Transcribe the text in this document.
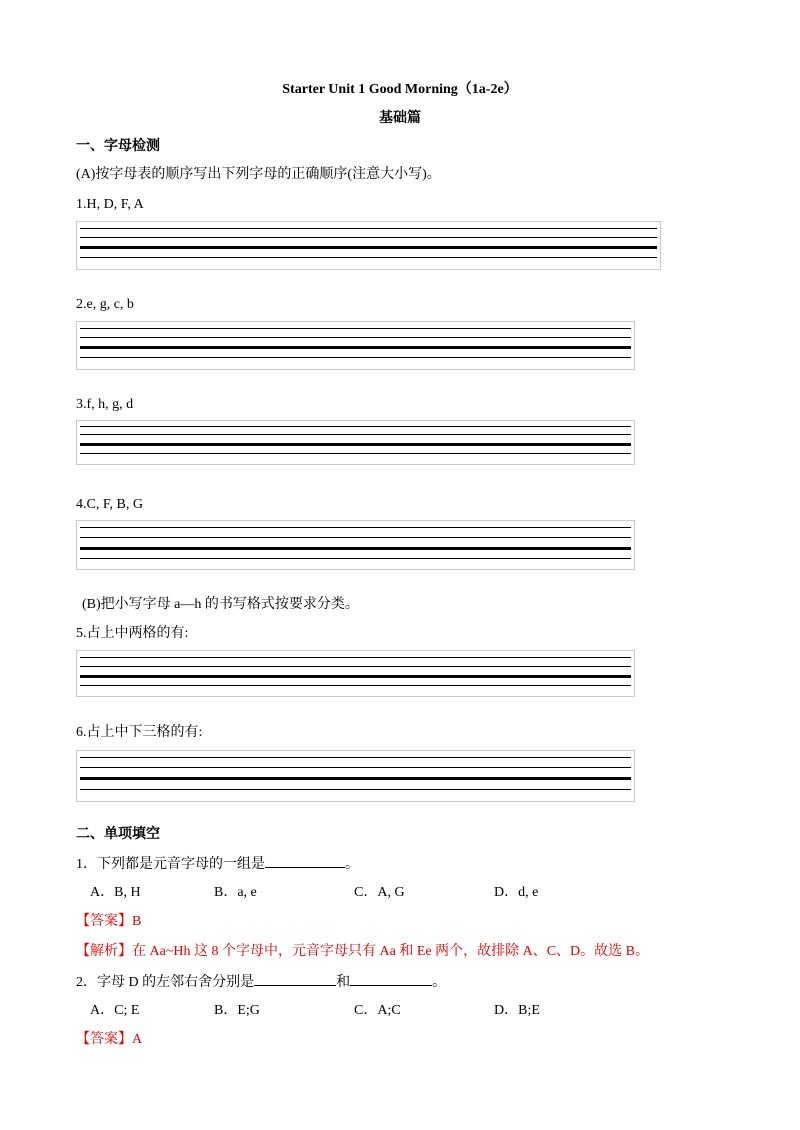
Starter Unit 1 Good Morning（1a-2e）
基础篇
一、字母检测
(A)按字母表的顺序写出下列字母的正确顺序(注意大小写)。
1.H, D, F, A
2.e, g, c, b
3.f, h, g, d
4.C, F, B, G
(B)把小写字母 a—h 的书写格式按要求分类。
5.占上中两格的有:
6.占上中下三格的有:
二、单项填空
1．下列都是元音字母的一组是	。
A．B, H	B．a, e	C．A, G	D．d, e
【答案】B
【解析】在 Aa~Hh 这 8 个字母中，元音字母只有 Aa 和 Ee 两个，故排除 A、C、D。故选 B。
2．字母 D 的左邻右舍分别是	和	。
A．C; E	B．E;G	C．A;C	D．B;E
【答案】A
